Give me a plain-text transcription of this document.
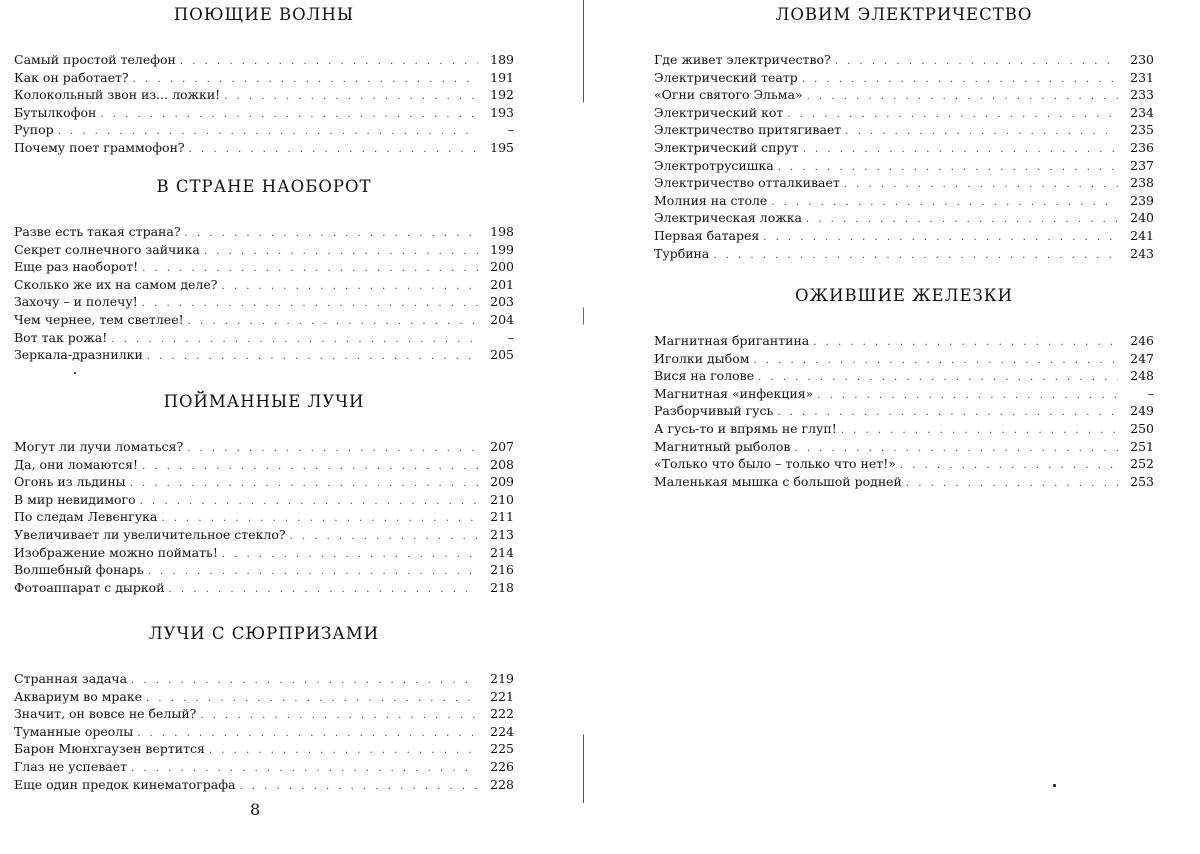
ПОЮЩИЕ ВОЛНЫ
Самый простой телефон . . .	189
Как он работает? . . .	191
Колокольный звон из... ложки! . . .	192
Бутылкофон . . .	193
Рупор . . .	–
Почему поет граммофон? . . .	195
В СТРАНЕ НАОБОРОТ
Разве есть такая страна? . . .	198
Секрет солнечного зайчика . . .	199
Еще раз наоборот! . . .	200
Сколько же их на самом деле? . . .	201
Захочу – и полечу! . . .	203
Чем чернее, тем светлее! . . .	204
Вот так рожа! . . .	–
Зеркала-дразнилки . . .	205
ПОЙМАННЫЕ ЛУЧИ
Могут ли лучи ломаться? . . .	207
Да, они ломаются! . . .	208
Огонь из льдины . . .	209
В мир невидимого . . .	210
По следам Левенгука . . .	211
Увеличивает ли увеличительное стекло? . . .	213
Изображение можно поймать! . . .	214
Волшебный фонарь . . .	216
Фотоаппарат с дыркой . . .	218
ЛУЧИ С СЮРПРИЗАМИ
Странная задача . . .	219
Аквариум во мраке . . .	221
Значит, он вовсе не белый? . . .	222
Туманные ореолы . . .	224
Барон Мюнхгаузен вертится . . .	225
Глаз не успевает . . .	226
Еще один предок кинематографа . . .	228
8
ЛОВИМ ЭЛЕКТРИЧЕСТВО
Где живет электричество? . . .	230
Электрический театр . . .	231
«Огни святого Эльма» . . .	233
Электрический кот . . .	234
Электричество притягивает . . .	235
Электрический спрут . . .	236
Электротрусишка . . .	237
Электричество отталкивает . . .	238
Молния на столе . . .	239
Электрическая ложка . . .	240
Первая батарея . . .	241
Турбина . . .	243
ОЖИВШИЕ ЖЕЛЕЗКИ
Магнитная бригантина . . .	246
Иголки дыбом . . .	247
Вися на голове . . .	248
Магнитная «инфекция» . . .	–
Разборчивый гусь . . .	249
А гусь-то и впрямь не глуп! . . .	250
Магнитный рыболов . . .	251
«Только что было – только что нет!» . . .	252
Маленькая мышка с большой родней . . .	253
